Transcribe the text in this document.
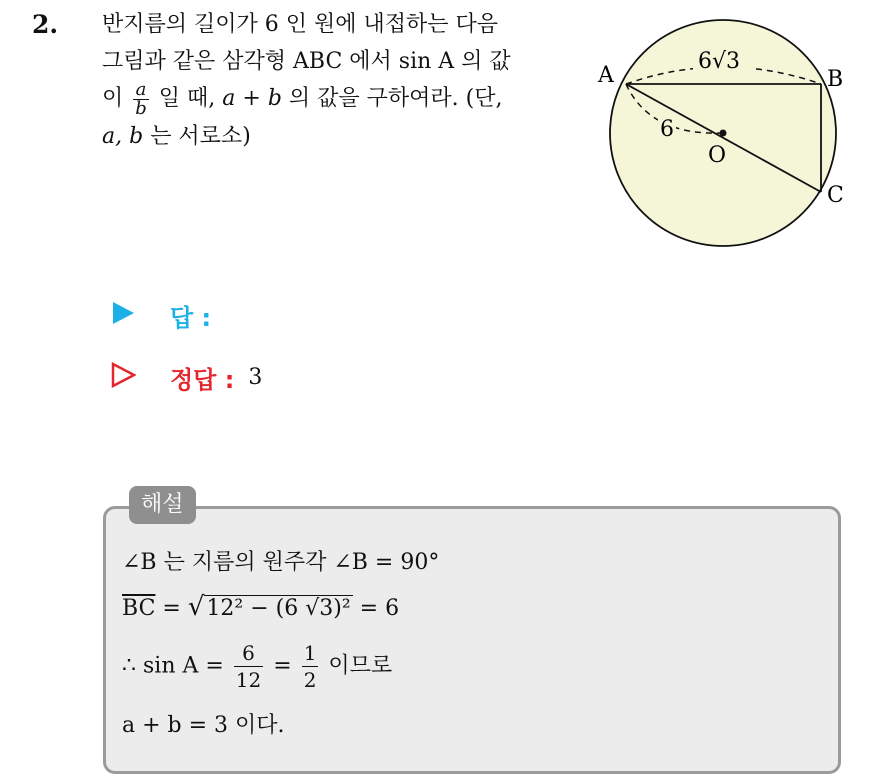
2. 반지름의 길이가 6 인 원에 내접하는 다음
그림과 같은 삼각형 ABC 에서 sin A 의 값
이 $\frac{a}{b}$ 일 때, a + b 의 값을 구하여라. (단,
a, b 는 서로소)
6√3
6
A	B
C
O
답 :
정답 : 3
해설
∠B 는 지름의 원주각 ∠B = 90°
$\overline{BC} = √12^2 - (6$ √3)² = 6
∴ $\sin A = \frac{6}{12} = \frac{1}{2}$ 이므로
a + b = 3 이다.
